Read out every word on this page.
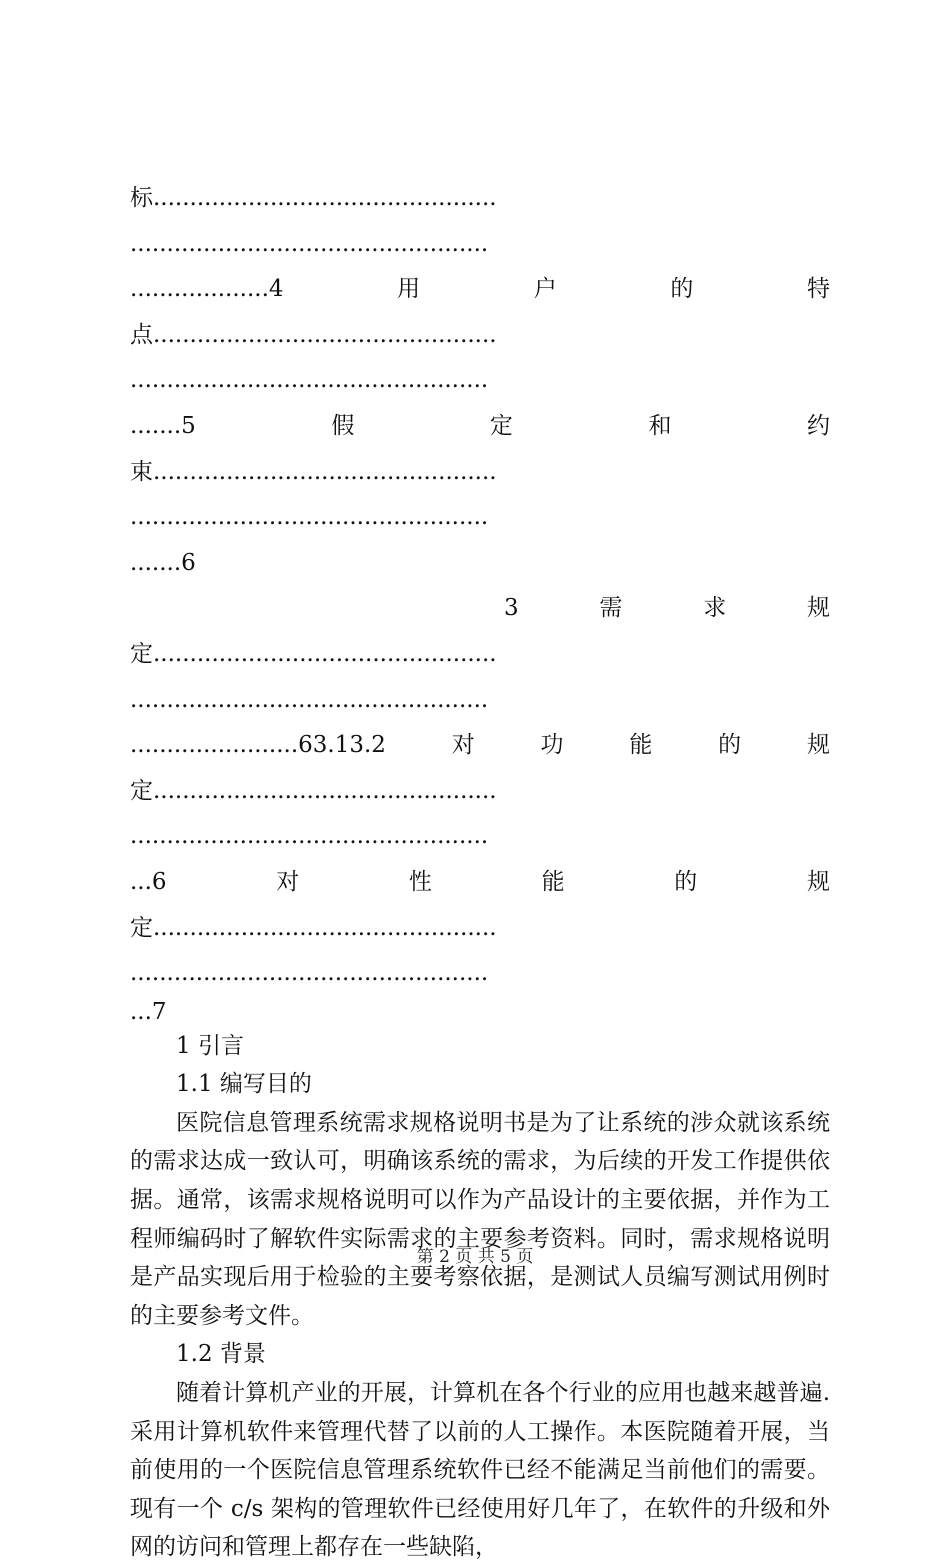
标...............................................
.................................................
...................4	用	户	的	特
点...............................................
.................................................
.......5	假	定	和	约
束...............................................
.................................................
.......6
3	需	求	规
定...............................................
.................................................
.......................63.13.2	对	功	能	的	规
定...............................................
.................................................
...6	对	性	能	的	规
定...............................................
.................................................
...7

1 引言

1.1 编写目的

医院信息管理系统需求规格说明书是为了让系统的涉众就该系统的需求达成一致认可，明确该系统的需求，为后续的开发工作提供依据。通常，该需求规格说明可以作为产品设计的主要依据，并作为工程师编码时了解软件实际需求的主要参考资料。同时，需求规格说明是产品实现后用于检验的主要考察依据，是测试人员编写测试用例时的主要参考文件。

1.2 背景

随着计算机产业的开展，计算机在各个行业的应用也越来越普遍.采用计算机软件来管理代替了以前的人工操作。本医院随着开展，当前使用的一个医院信息管理系统软件已经不能满足当前他们的需要。现有一个 c/s 架构的管理软件已经使用好几年了，在软件的升级和外网的访问和管理上都存在一些缺陷，

第 2 页 共 5 页
